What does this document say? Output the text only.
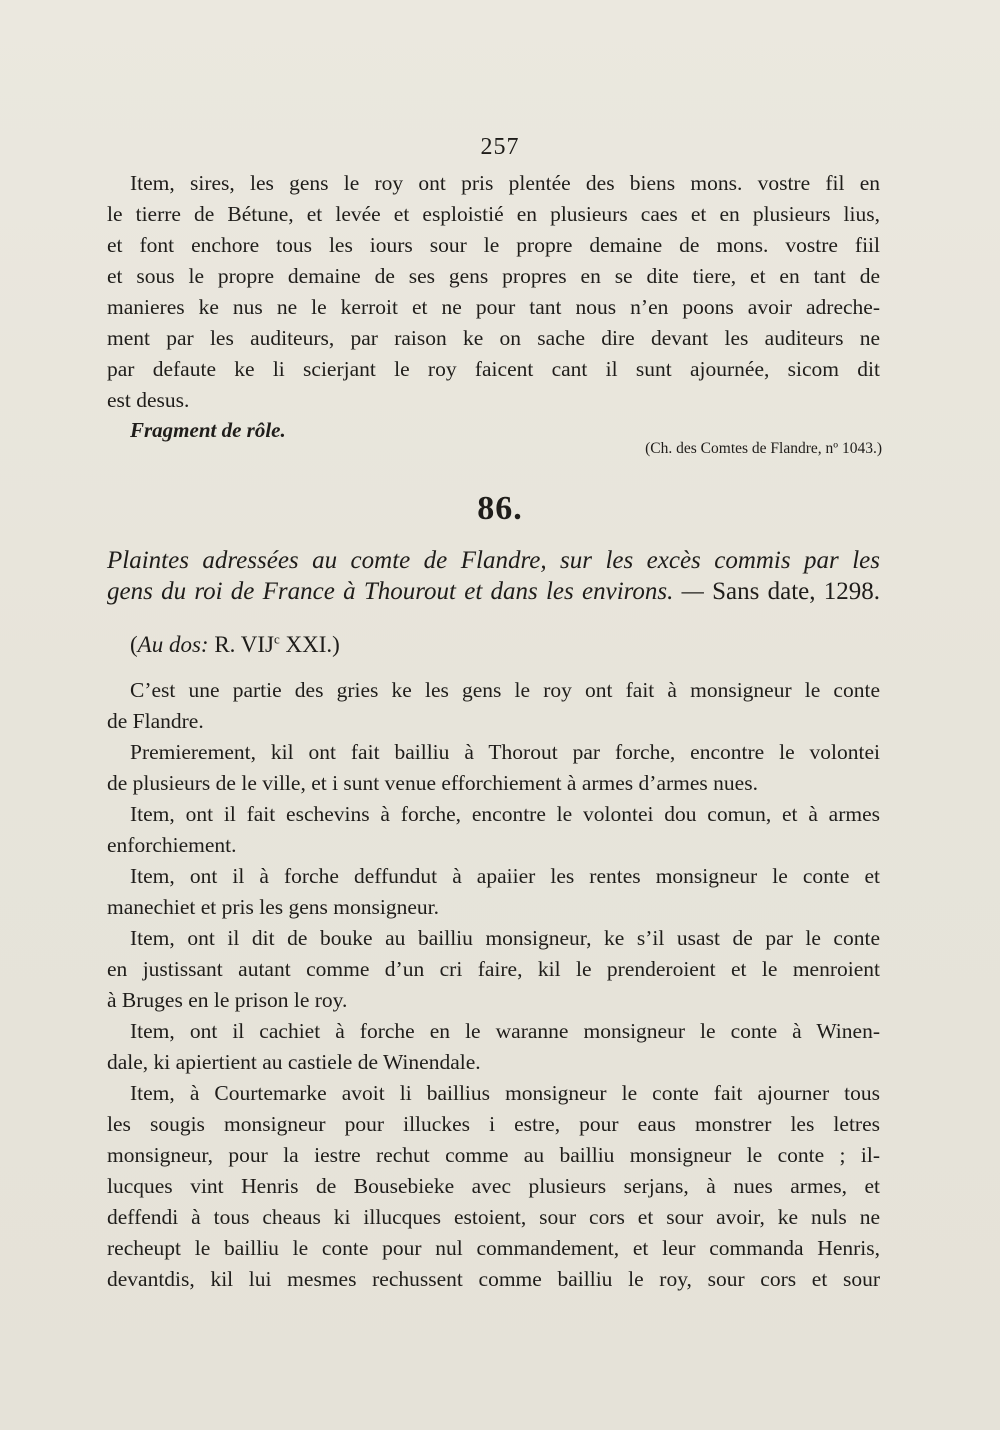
257

Item, sires, les gens le roy ont pris plentée des biens mons. vostre fil en

le tierre de Bétune, et levée et esploistié en plusieurs caes et en plusieurs lius,

et font enchore tous les iours sour le propre demaine de mons. vostre fiil

et sous le propre demaine de ses gens propres en se dite tiere, et en tant de

manieres ke nus ne le kerroit et ne pour tant nous n’en poons avoir adreche-

ment par les auditeurs, par raison ke on sache dire devant les auditeurs ne

par defaute ke li scierjant le roy faicent cant il sunt ajournée, sicom dit

est desus.

Fragment de rôle.

(Ch. des Comtes de Flandre, nº 1043.)

86.

Plaintes adressées au comte de Flandre, sur les excès commis par les

gens du roi de France à Thourout et dans les environs. — Sans date, 1298.

(Au dos: R. VIJ$^c$ XXI.)

C’est une partie des gries ke les gens le roy ont fait à monsigneur le conte

de Flandre.

Premierement, kil ont fait bailliu à Thorout par forche, encontre le volontei

de plusieurs de le ville, et i sunt venue efforchiement à armes d’armes nues.

Item, ont il fait eschevins à forche, encontre le volontei dou comun, et à armes

enforchiement.

Item, ont il à forche deffundut à apaiier les rentes monsigneur le conte et

manechiet et pris les gens monsigneur.

Item, ont il dit de bouke au bailliu monsigneur, ke s’il usast de par le conte

en justissant autant comme d’un cri faire, kil le prenderoient et le menroient

à Bruges en le prison le roy.

Item, ont il cachiet à forche en le waranne monsigneur le conte à Winen-

dale, ki apiertient au castiele de Winendale.

Item, à Courtemarke avoit li baillius monsigneur le conte fait ajourner tous

les sougis monsigneur pour illuckes i estre, pour eaus monstrer les letres

monsigneur, pour la iestre rechut comme au bailliu monsigneur le conte ; il-

lucques vint Henris de Bousebieke avec plusieurs serjans, à nues armes, et

deffendi à tous cheaus ki illucques estoient, sour cors et sour avoir, ke nuls ne

recheupt le bailliu le conte pour nul commandement, et leur commanda Henris,

devantdis, kil lui mesmes rechussent comme bailliu le roy, sour cors et sour
